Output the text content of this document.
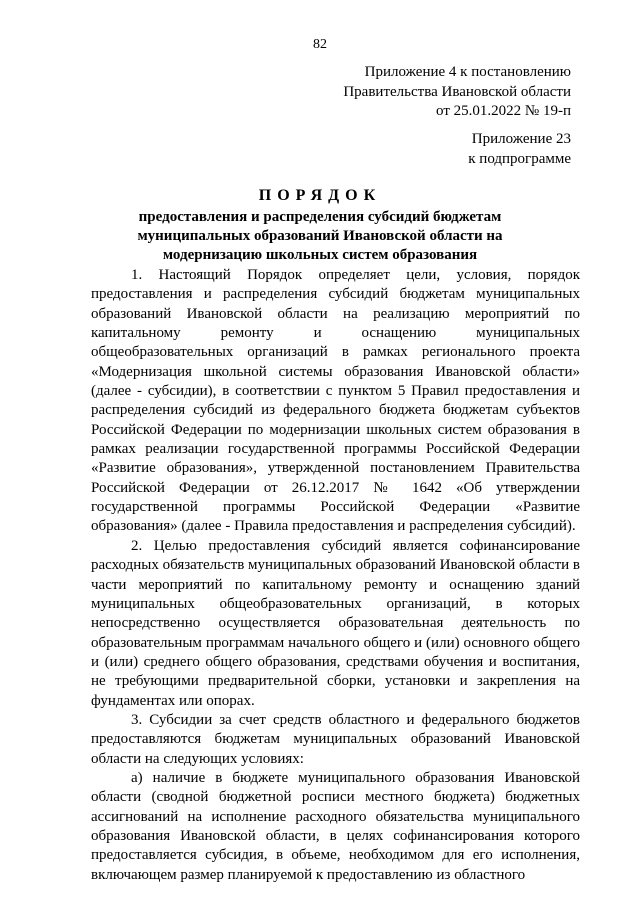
82
Приложение 4 к постановлению
Правительства Ивановской области
от 25.01.2022 № 19-п
Приложение 23
к подпрограмме
ПОРЯДОК
предоставления и распределения субсидий бюджетам
муниципальных образований Ивановской области на
модернизацию школьных систем образования

1. Настоящий Порядок определяет цели, условия, порядок предоставления и распределения субсидий бюджетам муниципальных образований Ивановской области на реализацию мероприятий по капитальному ремонту и оснащению муниципальных общеобразовательных организаций в рамках регионального проекта «Модернизация школьной системы образования Ивановской области» (далее - субсидии), в соответствии с пунктом 5 Правил предоставления и распределения субсидий из федерального бюджета бюджетам субъектов Российской Федерации по модернизации школьных систем образования в рамках реализации государственной программы Российской Федерации «Развитие образования», утвержденной постановлением Правительства Российской Федерации от 26.12.2017 № 1642 «Об утверждении государственной программы Российской Федерации «Развитие образования» (далее - Правила предоставления и распределения субсидий).

2. Целью предоставления субсидий является софинансирование расходных обязательств муниципальных образований Ивановской области в части мероприятий по капитальному ремонту и оснащению зданий муниципальных общеобразовательных организаций, в которых непосредственно осуществляется образовательная деятельность по образовательным программам начального общего и (или) основного общего и (или) среднего общего образования, средствами обучения и воспитания, не требующими предварительной сборки, установки и закрепления на фундаментах или опорах.

3. Субсидии за счет средств областного и федерального бюджетов предоставляются бюджетам муниципальных образований Ивановской области на следующих условиях:

а) наличие в бюджете муниципального образования Ивановской области (сводной бюджетной росписи местного бюджета) бюджетных ассигнований на исполнение расходного обязательства муниципального образования Ивановской области, в целях софинансирования которого предоставляется субсидия, в объеме, необходимом для его исполнения, включающем размер планируемой к предоставлению из областного
